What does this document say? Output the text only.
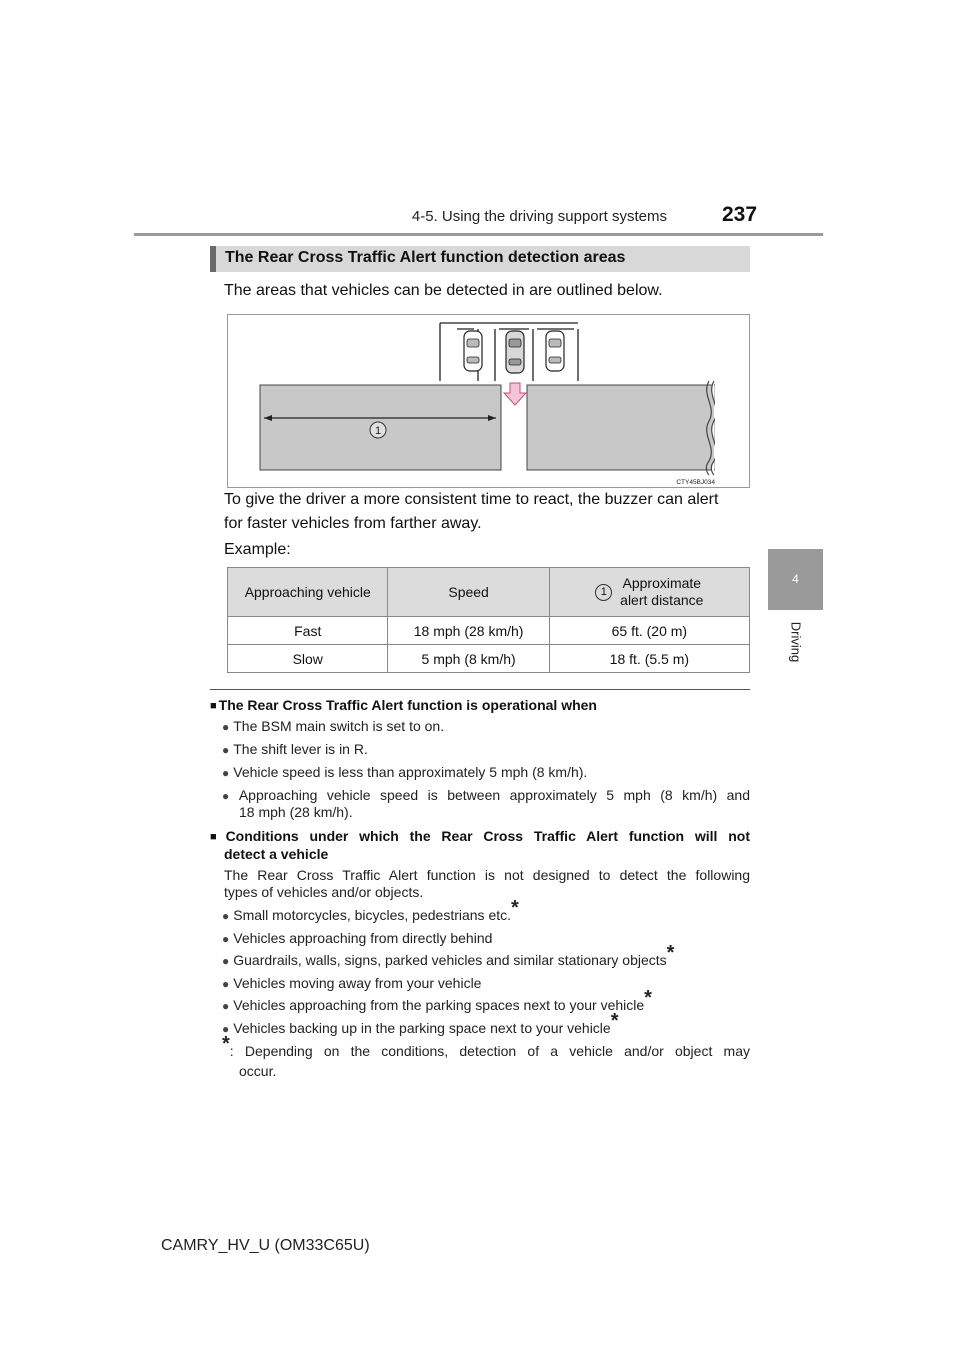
4-5. Using the driving support systems	237
4
Driving
The Rear Cross Traffic Alert function detection areas
The areas that vehicles can be detected in are outlined below.
1
CTY45BJ034
To give the driver a more consistent time to react, the buzzer can alert
for faster vehicles from farther away.
Example:
Approaching vehicle	Speed	1 Approximate
alert distance
Fast	18 mph (28 km/h)	65 ft. (20 m)
Slow	5 mph (8 km/h)	18 ft. (5.5 m)
■ The Rear Cross Traffic Alert function is operational when
● The BSM main switch is set to on.
● The shift lever is in R.
● Vehicle speed is less than approximately 5 mph (8 km/h).
● Approaching vehicle speed is between approximately 5 mph (8 km/h) and
18 mph (28 km/h).
■ Conditions under which the Rear Cross Traffic Alert function will not
detect a vehicle
The Rear Cross Traffic Alert function is not designed to detect the following
types of vehicles and/or objects.
● Small motorcycles, bicycles, pedestrians etc.*
● Vehicles approaching from directly behind
● Guardrails, walls, signs, parked vehicles and similar stationary objects*
● Vehicles moving away from your vehicle
● Vehicles approaching from the parking spaces next to your vehicle*
● Vehicles backing up in the parking space next to your vehicle*
*: Depending on the conditions, detection of a vehicle and/or object may
occur.
CAMRY_HV_U (OM33C65U)
